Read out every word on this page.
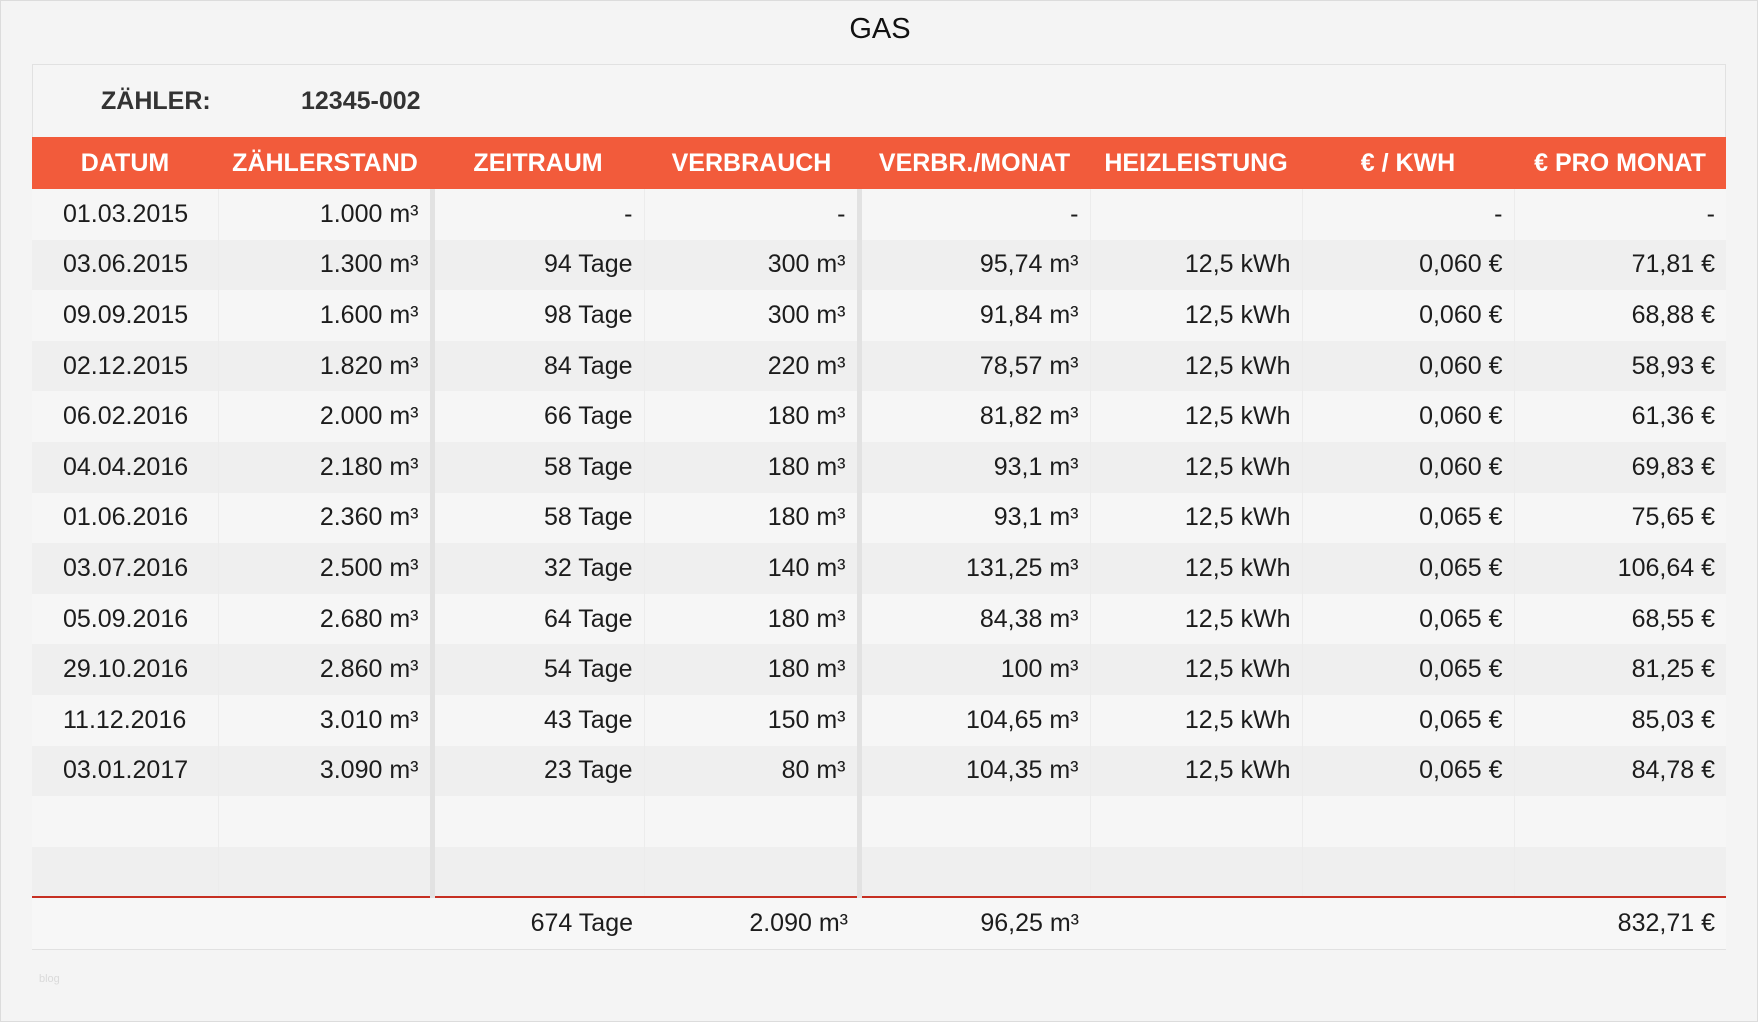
GAS
ZÄHLER:	12345-002
DATUM	ZÄHLERSTAND	ZEITRAUM	VERBRAUCH	VERBR./MONAT	HEIZLEISTUNG	€ / KWH	€ PRO MONAT
01.03.2015	1.000 m³	-	-	-		-	-
03.06.2015	1.300 m³	94 Tage	300 m³	95,74 m³	12,5 kWh	0,060 €	71,81 €
09.09.2015	1.600 m³	98 Tage	300 m³	91,84 m³	12,5 kWh	0,060 €	68,88 €
02.12.2015	1.820 m³	84 Tage	220 m³	78,57 m³	12,5 kWh	0,060 €	58,93 €
06.02.2016	2.000 m³	66 Tage	180 m³	81,82 m³	12,5 kWh	0,060 €	61,36 €
04.04.2016	2.180 m³	58 Tage	180 m³	93,1 m³	12,5 kWh	0,060 €	69,83 €
01.06.2016	2.360 m³	58 Tage	180 m³	93,1 m³	12,5 kWh	0,065 €	75,65 €
03.07.2016	2.500 m³	32 Tage	140 m³	131,25 m³	12,5 kWh	0,065 €	106,64 €
05.09.2016	2.680 m³	64 Tage	180 m³	84,38 m³	12,5 kWh	0,065 €	68,55 €
29.10.2016	2.860 m³	54 Tage	180 m³	100 m³	12,5 kWh	0,065 €	81,25 €
11.12.2016	3.010 m³	43 Tage	150 m³	104,65 m³	12,5 kWh	0,065 €	85,03 €
03.01.2017	3.090 m³	23 Tage	80 m³	104,35 m³	12,5 kWh	0,065 €	84,78 €

		674 Tage	2.090 m³	96,25 m³			832,71 €
blog
